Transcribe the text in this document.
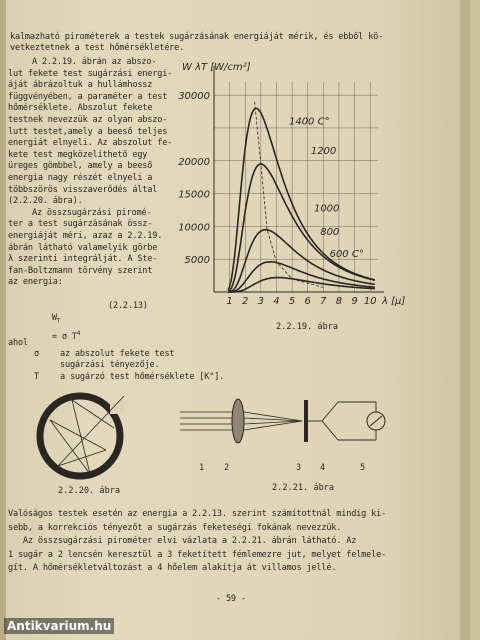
kalmazható pirométerek a testek sugárzásának energiáját mérik, és ebből kö-
vetkeztetnek a test hőmérsékletére.
A 2.2.19. ábrán az abszo-
lut fekete test sugárzási energi-
áját ábrázoltuk a hullámhossz
függvényében, a paraméter a test
hőmérséklete. Abszolut fekete
testnek nevezzük az olyan abszo-
lutt testet,amely a beeső teljes
energiát elnyeli. Az abszolut fe-
kete test megközelíthető egy
üreges gömbbel, amely a beeső
energia nagy részét elnyeli a
többszörös visszaverődés által
(2.2.20. ábra).
Az összsugárzási piromé-
ter a test sugárzásának össz-
energiáját méri, azaz a 2.2.19.
ábrán látható valamelyik görbe
λ szerinti integrálját. A Ste-
fan-Boltzmann törvény szerint
az energia:

$W_T$
= σ $T^4$

(2.2.13)
ahol
σ az abszolut fekete test
sugárzási tényezője.
T a sugárzó test hőmérséklete [K°].
1 2 3 4 5 6 7 8 9 10
5000
10000
15000
20000
30000
W λT [W/cm²]
λ [μ]
1400 C°
1200
1000
800
600 C°
2.2.19. ábra
2.2.20. ábra
1 2	3 4	5
2.2.21. ábra
Valóságos testek esetén az energia a 2.2.13. szerint számítottnál mindig ki-
sebb, a korrekciós tényezőt a sugárzás feketeségi fokának nevezzük.
Az összsugárzási pirométer elvi vázlata a 2.2.21. ábrán látható. Az
1 sugár a 2 lencsén keresztül a 3 feketített fémlemezre jut, melyet felmele-
gít. A hőmérsékletváltozást a 4 hőelem alakítja át villamos jellé.
- 59 -
Antikvarium.hu
